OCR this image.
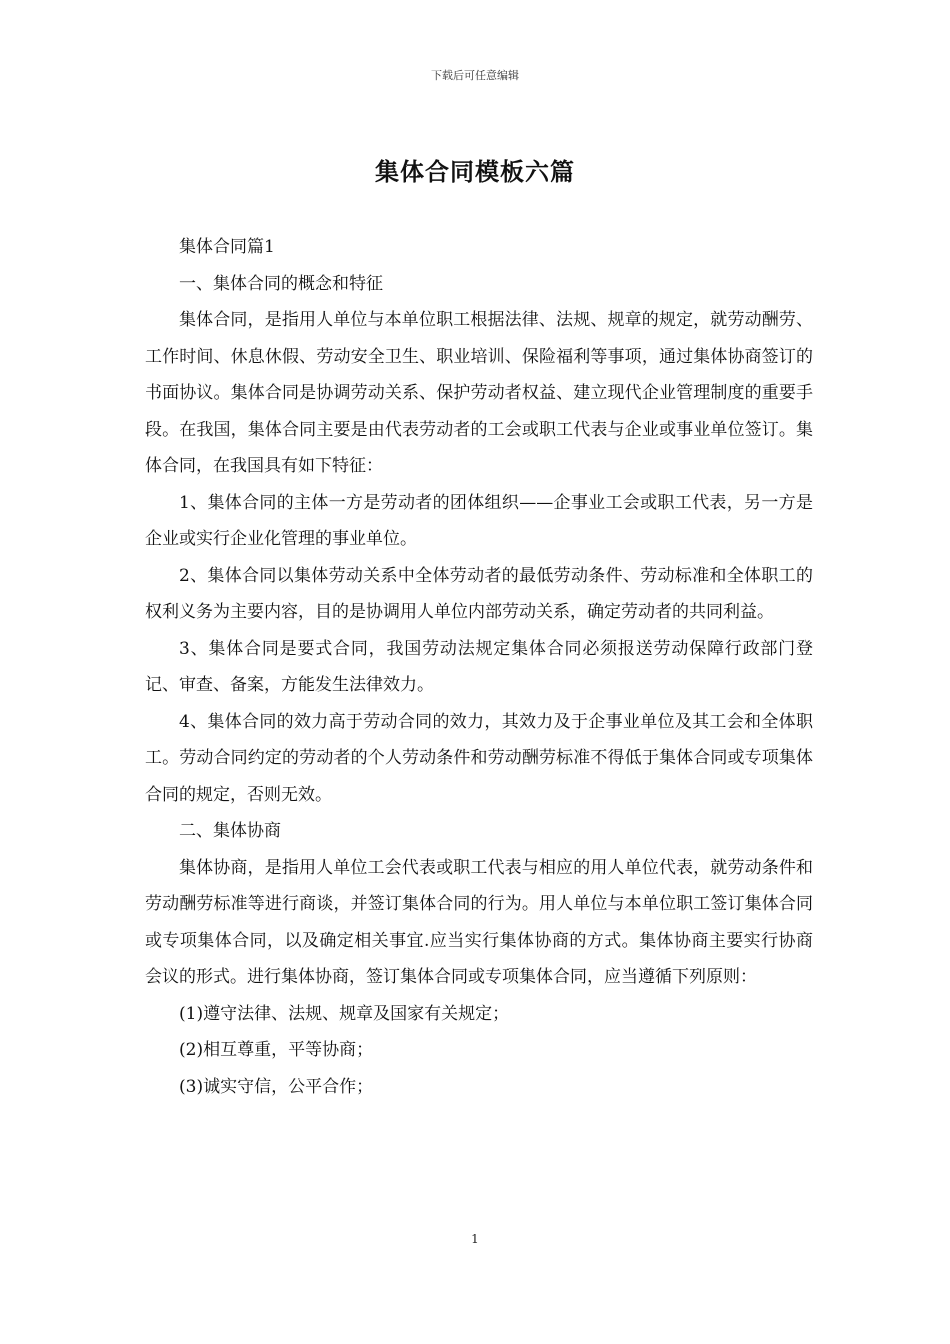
下载后可任意编辑
集体合同模板六篇

集体合同篇1

一、集体合同的概念和特征

集体合同，是指用人单位与本单位职工根据法律、法规、规章的规定，就劳动酬劳、工作时间、休息休假、劳动安全卫生、职业培训、保险福利等事项，通过集体协商签订的书面协议。集体合同是协调劳动关系、保护劳动者权益、建立现代企业管理制度的重要手段。在我国，集体合同主要是由代表劳动者的工会或职工代表与企业或事业单位签订。集体合同，在我国具有如下特征：

1、集体合同的主体一方是劳动者的团体组织——企事业工会或职工代表，另一方是企业或实行企业化管理的事业单位。

2、集体合同以集体劳动关系中全体劳动者的最低劳动条件、劳动标准和全体职工的权利义务为主要内容，目的是协调用人单位内部劳动关系，确定劳动者的共同利益。

3、集体合同是要式合同，我国劳动法规定集体合同必须报送劳动保障行政部门登记、审查、备案，方能发生法律效力。

4、集体合同的效力高于劳动合同的效力，其效力及于企事业单位及其工会和全体职工。劳动合同约定的劳动者的个人劳动条件和劳动酬劳标准不得低于集体合同或专项集体合同的规定，否则无效。

二、集体协商

集体协商，是指用人单位工会代表或职工代表与相应的用人单位代表，就劳动条件和劳动酬劳标准等进行商谈，并签订集体合同的行为。用人单位与本单位职工签订集体合同或专项集体合同，以及确定相关事宜.应当实行集体协商的方式。集体协商主要实行协商会议的形式。进行集体协商，签订集体合同或专项集体合同，应当遵循下列原则：

(1)遵守法律、法规、规章及国家有关规定；

(2)相互尊重，平等协商；

(3)诚实守信，公平合作；

1
